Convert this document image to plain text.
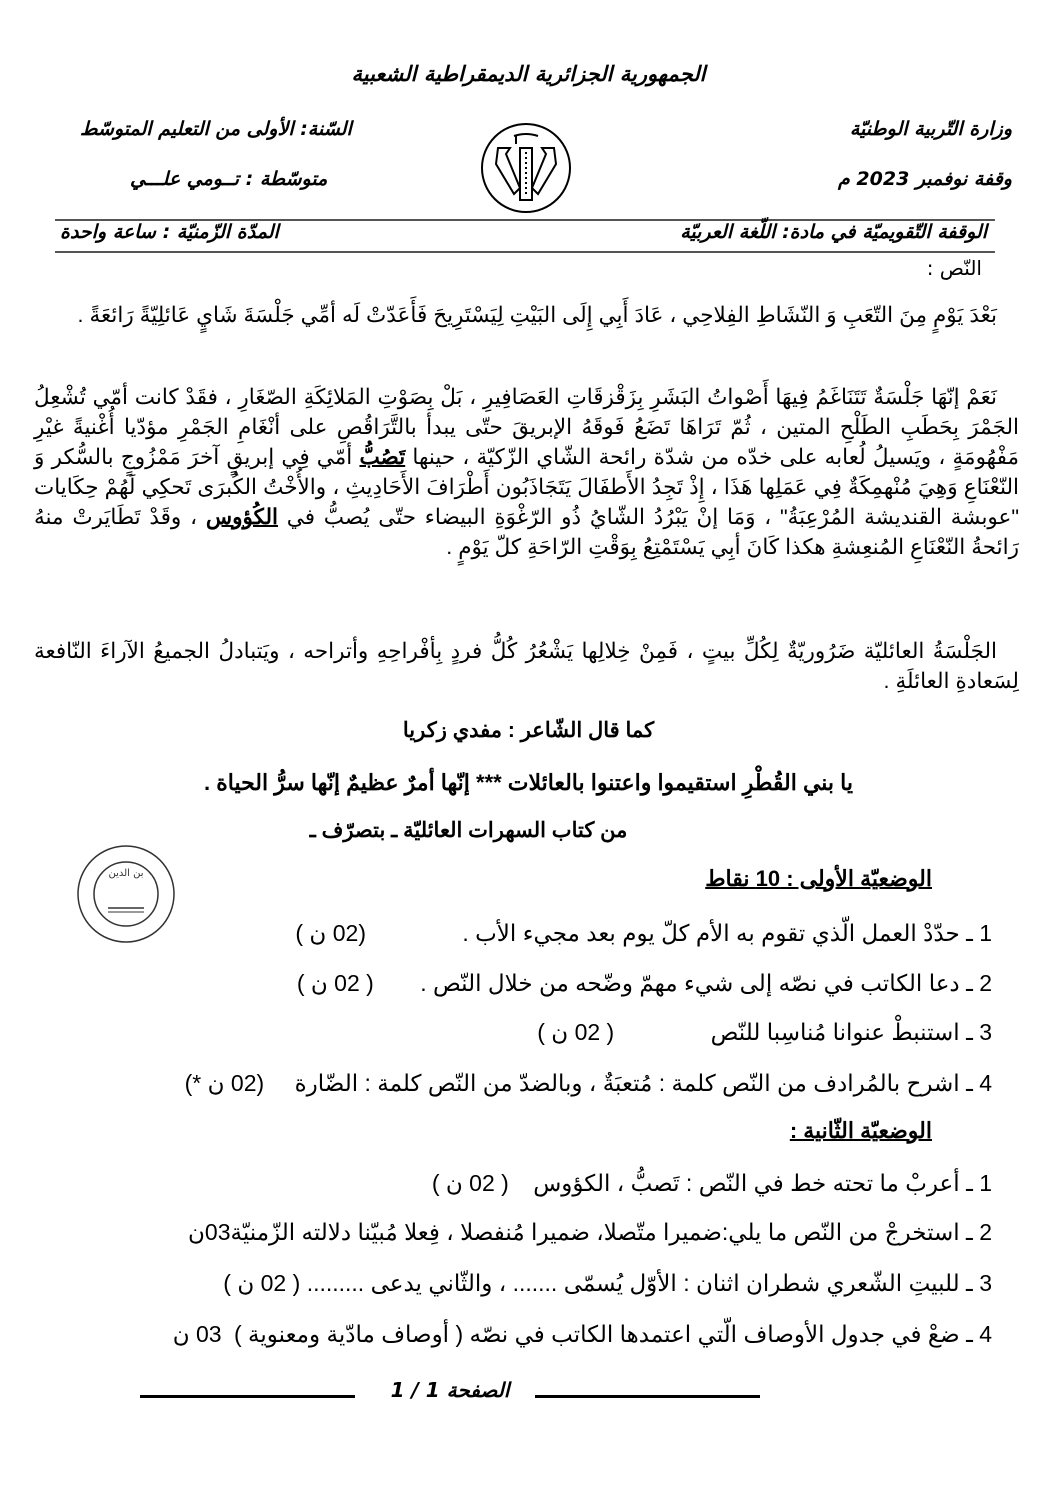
الجمهورية الجزائرية الديمقراطية الشعبية
وزارة التّربية الوطنيّة
وقفة نوفمبر 2023 م
السّنة: الأولى من التعليم المتوسّط
متوسّطة : تــومي علـــي
الوقفة التّقويميّة في مادة: اللّغة العربيّة
المدّة الزّمنيّة : ساعة واحدة
النّص :
بَعْدَ يَوْمٍ مِنَ التّعَبِ وَ النّشَاطِ الفِلاحِي ، عَادَ أَبِي إِلَى البَيْتِ لِيَسْتَرِيحَ فَأَعَدّتْ لَه أمِّي جَلْسَةَ شَايٍ عَائلِيّةً رَائعَةً .
نَعَمْ إنّهَا جَلْسَةٌ تَتَنَاغَمُ فِيهَا أَصْواتُ البَشَرِ بِزَقْزقَاتِ العَصَافِيرِ ، بَلْ بِصَوْتِ المَلائِكَةِ الصّغَارِ ، فقَدْ كانت أمّي تُشْعِلُ الجَمْرَ بِحَطَبِ الطَلْحِ المتين ، ثُمّ تَرَاهَا تَضَعُ فَوقَهُ الإبريقَ حتّى يبدأ بالتَّرَاقُصِ على أنْغَامِ الجَمْرِ مؤدّيا أُغْنيةً غيْرِ مَفْهُومَةٍ ، ويَسيلُ لُعابه على خدّه من شدّة رائحة الشّاي الزّكيّة ، حينها تَصُبُّ أمّي فِي إبريقٍ آخرَ مَمْزُوجٍ بالسُّكر وَ النّعْنَاعِ وَهِيَ مُنْهمِكَةٌ فِي عَمَلِها هَذَا ، إِذْ تَجِدُ الأَطفَالَ يَتَجَاذَبُون أَطْرَافَ الأَحَادِيثِ ، والأُخْتُ الكُبرَى تَحكِي لَهُمْ حِكَايات "عوبشة القنديشة المُرْعِبَةُ" ، وَمَا إنْ يَبْرُدُ الشّايُ ذُو الرّغْوَةِ البيضاء حتّى يُصبُّ في الكُؤوس ، وقَدْ تَطَايَرتْ منهُ رَائحةُ النّعْنَاعِ المُنعِشةِ هكذا كَانَ أبِي يَسْتَمْتِعُ بِوَقْتِ الرّاحَةِ كلّ يَوْمٍ .
الجَلْسَةُ العائليّة ضَرُوريّةٌ لِكُلِّ بيتٍ ، فَمِنْ خِلالِها يَشْعُرُ كُلُّ فردٍ بِأفْراحِهِ وأتراحه ، ويَتبادلُ الجميعُ الآراءَ النّافعة لِسَعادةِ العائلَةِ .
كما قال الشّاعر : مفدي زكريا
يا بني القُطْرِ استقيموا واعتنوا بالعائلات *** إنّها أمرٌ عظيمٌ إنّها سرُّ الحياة .
من كتاب السهرات العائليّة ـ بتصرّف ـ
بن الدين	الوضعيّة الأولى : 10 نقاط
1 ـ حدّدْ العمل الّذي تقوم به الأم كلّ يوم بعد مجيء الأب . (02 ن )
2 ـ دعا الكاتب في نصّه إلى شيء مهمّ وضّحه من خلال النّص . ( 02 ن )
3 ـ استنبطْ عنوانا مُناسِبا للنّص ( 02 ن )
4 ـ اشرح بالمُرادف من النّص كلمة : مُتعبَةٌ ، وبالضدّ من النّص كلمة : الضّارة (02 ن *)
الوضعيّة الثّانية :
1 ـ أعربْ ما تحته خط في النّص : تَصبُّ ، الكؤوس ( 02 ن )
2 ـ استخرجْ من النّص ما يلي:ضميرا متّصلا، ضميرا مُنفصلا ، فِعلا مُبيّنا دلالته الزّمنيّة03ن
3 ـ للبيتِ الشّعري شطران اثنان : الأوّل يُسمّى ....... ، والثّاني يدعى ......... ( 02 ن )
4 ـ ضعْ في جدول الأوصاف الّتي اعتمدها الكاتب في نصّه ( أوصاف مادّية ومعنوية ) 03 ن
الصفحة 1 / 1
